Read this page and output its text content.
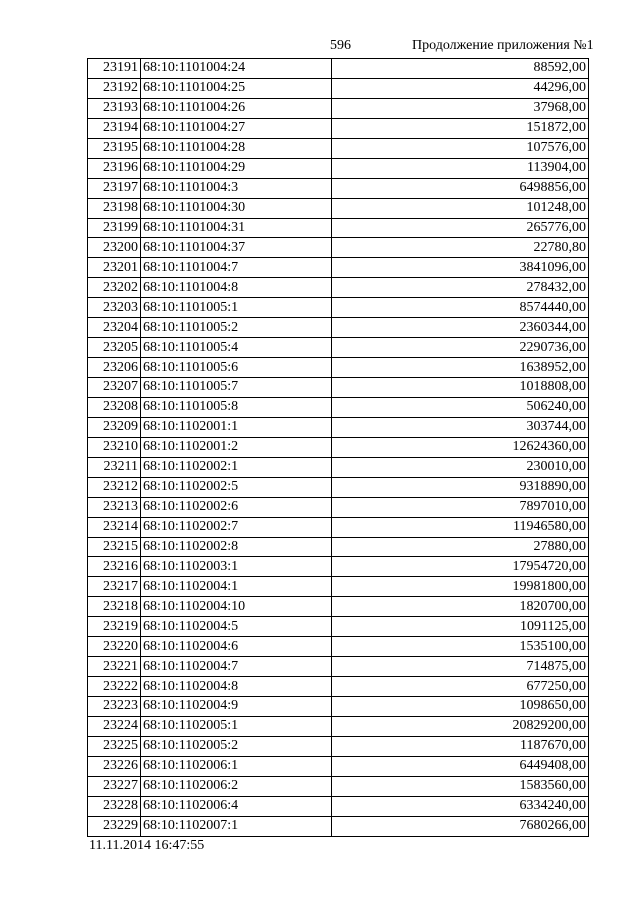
596	Продолжение приложения №1
23191	68:10:1101004:24	88592,00
23192	68:10:1101004:25	44296,00
23193	68:10:1101004:26	37968,00
23194	68:10:1101004:27	151872,00
23195	68:10:1101004:28	107576,00
23196	68:10:1101004:29	113904,00
23197	68:10:1101004:3	6498856,00
23198	68:10:1101004:30	101248,00
23199	68:10:1101004:31	265776,00
23200	68:10:1101004:37	22780,80
23201	68:10:1101004:7	3841096,00
23202	68:10:1101004:8	278432,00
23203	68:10:1101005:1	8574440,00
23204	68:10:1101005:2	2360344,00
23205	68:10:1101005:4	2290736,00
23206	68:10:1101005:6	1638952,00
23207	68:10:1101005:7	1018808,00
23208	68:10:1101005:8	506240,00
23209	68:10:1102001:1	303744,00
23210	68:10:1102001:2	12624360,00
23211	68:10:1102002:1	230010,00
23212	68:10:1102002:5	9318890,00
23213	68:10:1102002:6	7897010,00
23214	68:10:1102002:7	11946580,00
23215	68:10:1102002:8	27880,00
23216	68:10:1102003:1	17954720,00
23217	68:10:1102004:1	19981800,00
23218	68:10:1102004:10	1820700,00
23219	68:10:1102004:5	1091125,00
23220	68:10:1102004:6	1535100,00
23221	68:10:1102004:7	714875,00
23222	68:10:1102004:8	677250,00
23223	68:10:1102004:9	1098650,00
23224	68:10:1102005:1	20829200,00
23225	68:10:1102005:2	1187670,00
23226	68:10:1102006:1	6449408,00
23227	68:10:1102006:2	1583560,00
23228	68:10:1102006:4	6334240,00
23229	68:10:1102007:1	7680266,00
11.11.2014 16:47:55
